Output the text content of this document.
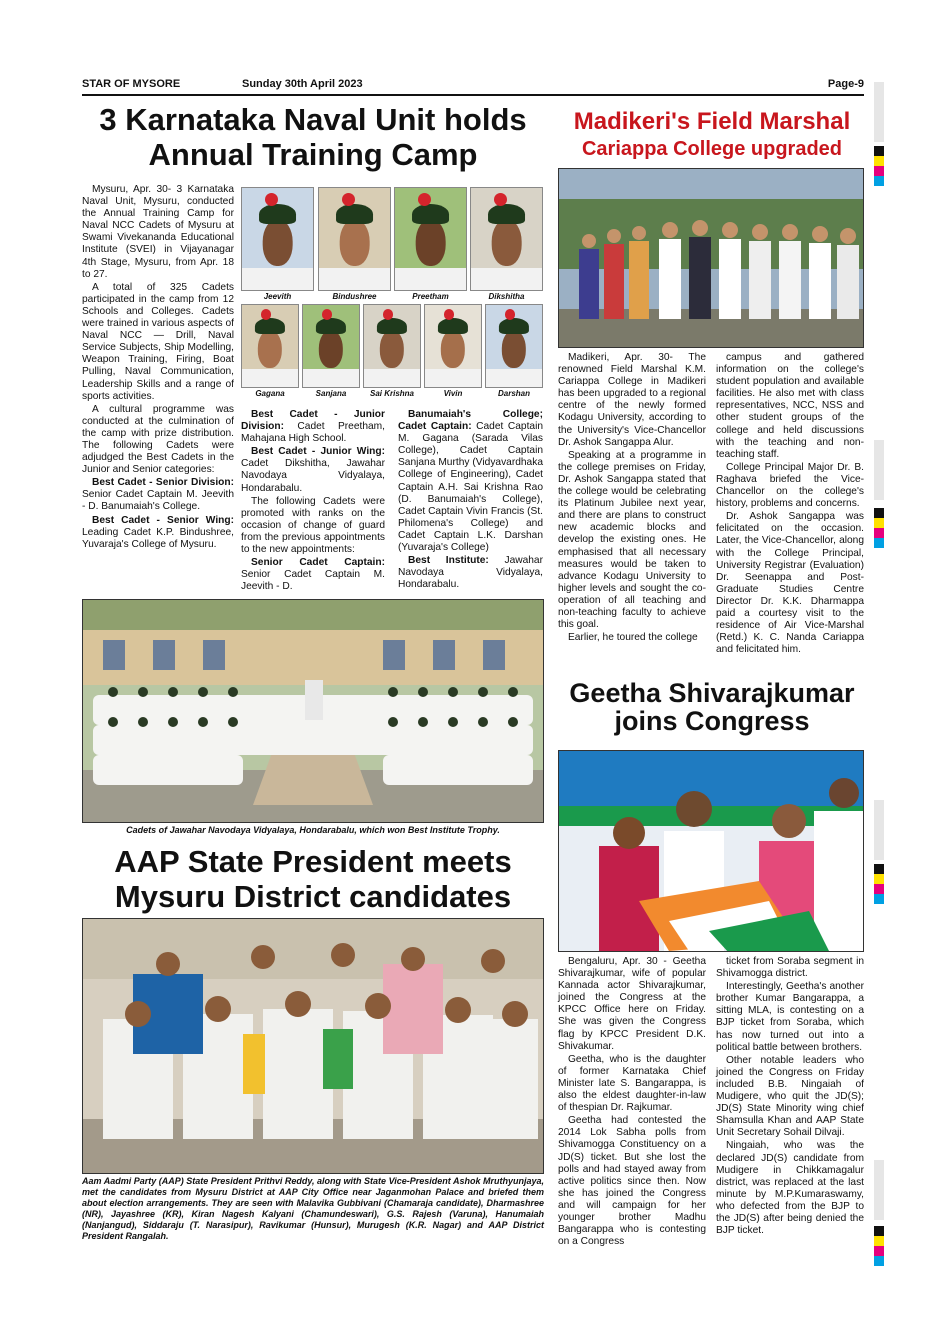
STAR OF MYSORE	Sunday 30th April 2023	Page-9
3 Karnataka Naval Unit holds
Annual Training Camp

Mysuru, Apr. 30- 3 Karnataka Naval Unit, Mysuru, conducted the Annual Training Camp for Naval NCC Cadets of Mysuru at Swami Vivekananda Educational Institute (SVEI) in Vijayanagar 4th Stage, Mysuru, from Apr. 18 to 27.

A total of 325 Cadets participated in the camp from 12 Schools and Colleges. Cadets were trained in various aspects of Naval NCC — Drill, Naval Service Subjects, Ship Modelling, Weapon Training, Firing, Boat Pulling, Naval Communication, Leadership Skills and a range of sports activities.

A cultural programme was conducted at the culmination of the camp with prize distribution. The following Cadets were adjudged the Best Cadets in the Junior and Senior categories:

Best Cadet - Senior Division: Senior Cadet Captain M. Jeevith - D. Banumaiah's College.

Best Cadet - Senior Wing: Leading Cadet K.P. Bindushree, Yuvaraja's College of Mysuru.

Best Cadet - Junior Division: Cadet Preetham, Mahajana High School.

Best Cadet - Junior Wing: Cadet Dikshitha, Jawahar Navodaya Vidyalaya, Hondarabalu.

The following Cadets were promoted with ranks on the occasion of change of guard from the previous appointments to the new appointments:

Senior Cadet Captain: Senior Cadet Captain M. Jeevith - D.

Banumaiah's College; Cadet Captain: Cadet Captain M. Gagana (Sarada Vilas College), Cadet Captain Sanjana Murthy (Vidyavardhaka College of Engineering), Cadet Captain A.H. Sai Krishna Rao (D. Banumaiah's College), Cadet Captain Vivin Francis (St. Philomena's College) and Cadet Captain L.K. Darshan (Yuvaraja's College)

Best Institute: Jawahar Navodaya Vidyalaya, Hondarabalu.

Jeevith	Bindushree	Preetham	Dikshitha
Gagana	Sanjana	Sai Krishna	Vivin	Darshan
Cadets of Jawahar Navodaya Vidyalaya, Hondarabalu, which won Best Institute Trophy.
Madikeri's Field Marshal
Cariappa College upgraded

Madikeri, Apr. 30- The renowned Field Marshal K.M. Cariappa College in Madikeri has been upgraded to a regional centre of the newly formed Kodagu University, according to the University's Vice-Chancellor Dr. Ashok Sangappa Alur.

Speaking at a programme in the college premises on Friday, Dr. Ashok Sangappa stated that the college would be celebrating its Platinum Jubilee next year, and there are plans to construct new academic blocks and develop the existing ones. He emphasised that all necessary measures would be taken to advance Kodagu University to higher levels and sought the co-operation of all teaching and non-teaching faculty to achieve this goal.

Earlier, he toured the college

campus and gathered information on the college's student population and available facilities. He also met with class representatives, NCC, NSS and other student groups of the college and held discussions with the teaching and non-teaching staff.

College Principal Major Dr. B. Raghava briefed the Vice-Chancellor on the college's history, problems and concerns.

Dr. Ashok Sangappa was felicitated on the occasion. Later, the Vice-Chancellor, along with the College Principal, University Registrar (Evaluation) Dr. Seenappa and Post-Graduate Studies Centre Director Dr. K.K. Dharmappa paid a courtesy visit to the residence of Air Vice-Marshal (Retd.) K. C. Nanda Cariappa and felicitated him.

Geetha Shivarajkumar
joins Congress

Bengaluru, Apr. 30 - Geetha Shivarajkumar, wife of popular Kannada actor Shivarajkumar, joined the Congress at the KPCC Office here on Friday. She was given the Congress flag by KPCC President D.K. Shivakumar.

Geetha, who is the daughter of former Karnataka Chief Minister late S. Bangarappa, is also the eldest daughter-in-law of thespian Dr. Rajkumar.

Geetha had contested the 2014 Lok Sabha polls from Shivamogga Constituency on a JD(S) ticket. But she lost the polls and had stayed away from active politics since then. Now she has joined the Congress and will campaign for her younger brother Madhu Bangarappa who is contesting on a Congress

ticket from Soraba segment in Shivamogga district.

Interestingly, Geetha's another brother Kumar Bangarappa, a sitting MLA, is contesting on a BJP ticket from Soraba, which has now turned out into a political battle between brothers.

Other notable leaders who joined the Congress on Friday included B.B. Ningaiah of Mudigere, who quit the JD(S); JD(S) State Minority wing chief Shamsulla Khan and AAP State Unit Secretary Sohail Dilvaji.

Ningaiah, who was the declared JD(S) candidate from Mudigere in Chikkamagalur district, was replaced at the last minute by M.P.Kumaraswamy, who defected from the BJP to the JD(S) after being denied the BJP ticket.

AAP State President meets
Mysuru District candidates
Aam Aadmi Party (AAP) State President Prithvi Reddy, along with State Vice-President Ashok Mruthyunjaya, met the candidates from Mysuru District at AAP City Office near Jaganmohan Palace and briefed them about election arrangements. They are seen with Malavika Gubbivani (Chamaraja candidate), Dharmashree (NR), Jayashree (KR), Kiran Nagesh Kalyani (Chamundeswari), G.S. Rajesh (Varuna), Hanumaiah (Nanjangud), Siddaraju (T. Narasipur), Ravikumar (Hunsur), Murugesh (K.R. Nagar) and AAP District President Rangalah.
